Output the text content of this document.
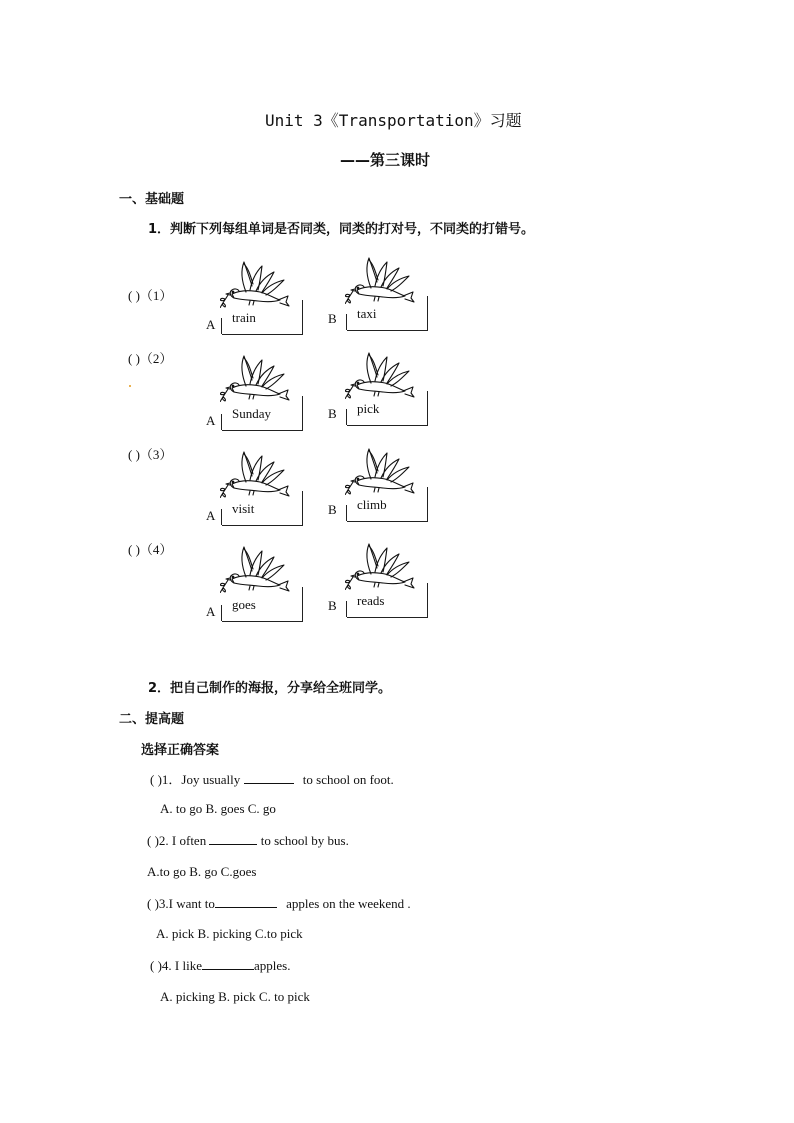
Unit 3《Transportation》习题
——第三课时
一、基础题
1．判断下列每组单词是否同类，同类的打对号，不同类的打错号。
( )（1）
train
A
taxi
B
( )（2）
Sunday
A
pick
B
( )（3）
visit
A
climb
B
( )（4）
goes
A
reads
B
2．把自己制作的海报，分享给全班同学。
二、提高题
选择正确答案
( )1．Joy usually	to school on foot.
A. to go B. goes C. go
( )2. I often	to school by bus.
A.to go B. go C.goes
( )3.I want to	apples on the weekend .
A. pick B. picking C.to pick
( )4. I like	apples.
A. picking B. pick C. to pick
